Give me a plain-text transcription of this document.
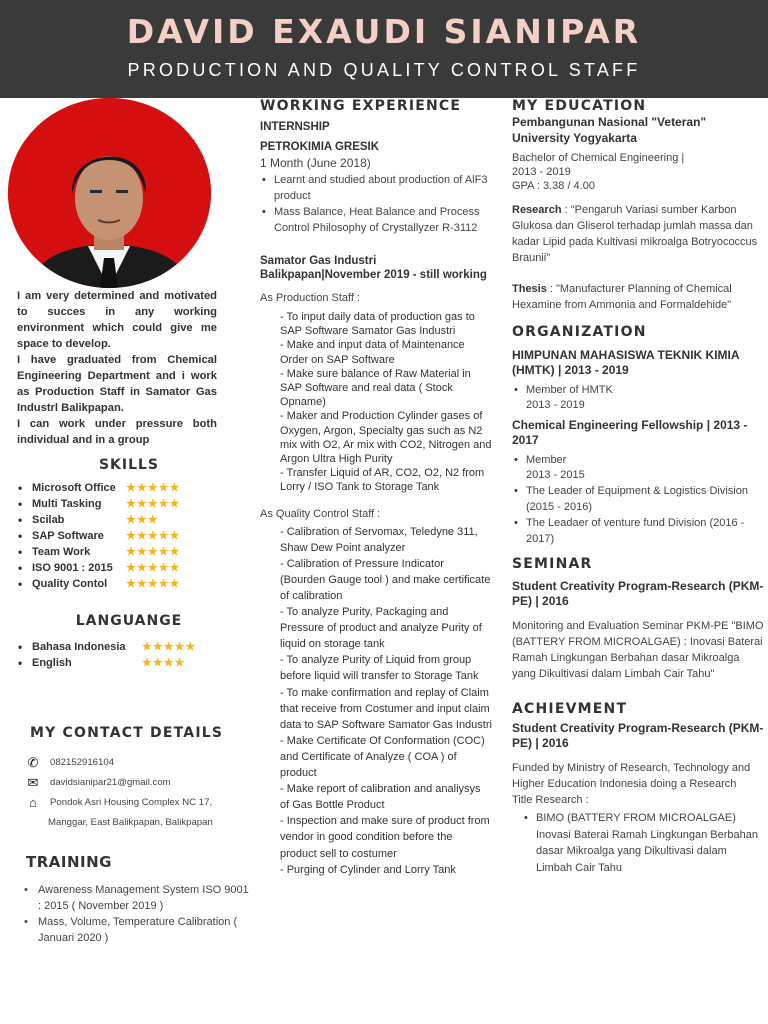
DAVID EXAUDI SIANIPAR
PRODUCTION AND QUALITY CONTROL STAFF

I am very determined and motivated to succes in any working environment which could give me space to develop.

I have graduated from Chemical Engineering Department and i work as Production Staff in Samator Gas Industrl Balikpapan.

I can work under pressure both individual and in a group

SKILLS
• Microsoft Office ★★★★★
• Multi Tasking ★★★★★
• Scilab	★★★
• SAP Software ★★★★★
• Team Work	★★★★★
• ISO 9001 : 2015 ★★★★★
• Quality Contol ★★★★★
LANGUANGE
• Bahasa Indonesia ★★★★★
• English	★★★★
MY CONTACT DETAILS
✆	082152916104
✉	davidsianipar21@gmail.com
⌂	Pondok Asri Housing Complex NC 17,
Manggar, East Balikpapan, Balikpapan
TRAINING
• Awareness Management System ISO 9001 : 2015 ( November 2019 )
• Mass, Volume, Temperature Calibration ( Januari 2020 )
WORKING EXPERIENCE
INTERNSHIP
PETROKIMIA GRESIK
1 Month (June 2018)
• Learnt and studied about production of AlF3 product
• Mass Balance, Heat Balance and Process Control Philosophy of Crystallyzer R-3112
Samator Gas Industri Balikpapan|November 2019 - still working
As Production Staff :
- To input daily data of production gas to SAP Software Samator Gas Industri
- Make and input data of Maintenance Order on SAP Software
- Make sure balance of Raw Material in SAP Software and real data ( Stock Opname)
- Maker and Production Cylinder gases of Oxygen, Argon, Specialty gas such as N2 mix with O2, Ar mix with CO2, Nitrogen and Argon Ultra High Purity
- Transfer Liquid of AR, CO2, O2, N2 from Lorry / ISO Tank to Storage Tank
As Quality Control Staff :
- Calibration of Servomax, Teledyne 311, Shaw Dew Point analyzer
- Calibration of Pressure Indicator (Bourden Gauge tool ) and make certificate of calibration
- To analyze Purity, Packaging and Pressure of product and analyze Purity of liquid on storage tank
- To analyze Purity of Liquid from group before liquid will transfer to Storage Tank
- To make confirmation and replay of Claim that receive from Costumer and input claim data to SAP Software Samator Gas Industri
- Make Certificate Of Conformation (COC) and Certificate of Analyze ( COA ) of product
- Make report of calibration and analiysys of Gas Bottle Product
- Inspection and make sure of product from vendor in good condition before the product sell to costumer
- Purging of Cylinder and Lorry Tank
MY EDUCATION
Pembangunan Nasional "Veteran" University Yogyakarta
Bachelor of Chemical Engineering |
2013 - 2019
GPA : 3.38 / 4.00
Research : "Pengaruh Variasi sumber Karbon Glukosa dan Gliserol terhadap jumlah massa dan kadar Lipid pada Kultivasi mikroalga Botryococcus Braunii"
Thesis : "Manufacturer Planning of Chemical Hexamine from Ammonia and Formaldehide"
ORGANIZATION
HIMPUNAN MAHASISWA TEKNIK KIMIA (HMTK) | 2013 - 2019
• Member of HMTK
2013 - 2019
Chemical Engineering Fellowship | 2013 - 2017
• Member
2013 - 2015
• The Leader of Equipment & Logistics Division (2015 - 2016)
• The Leadaer of venture fund Division (2016 - 2017)
SEMINAR
Student Creativity Program-Research (PKM-PE) | 2016
Monitoring and Evaluation Seminar PKM-PE "BIMO (BATTERY FROM MICROALGAE) : Inovasi Baterai Ramah Lingkungan Berbahan dasar Mikroalga yang Dikultivasi dalam Limbah Cair Tahu"
ACHIEVMENT
Student Creativity Program-Research (PKM-PE) | 2016
Funded by Ministry of Research, Technology and Higher Education Indonesia doing a Research
Title Research :
• BIMO (BATTERY FROM MICROALGAE) Inovasi Baterai Ramah Lingkungan Berbahan dasar Mikroalga yang Dikultivasi dalam Limbah Cair Tahu
